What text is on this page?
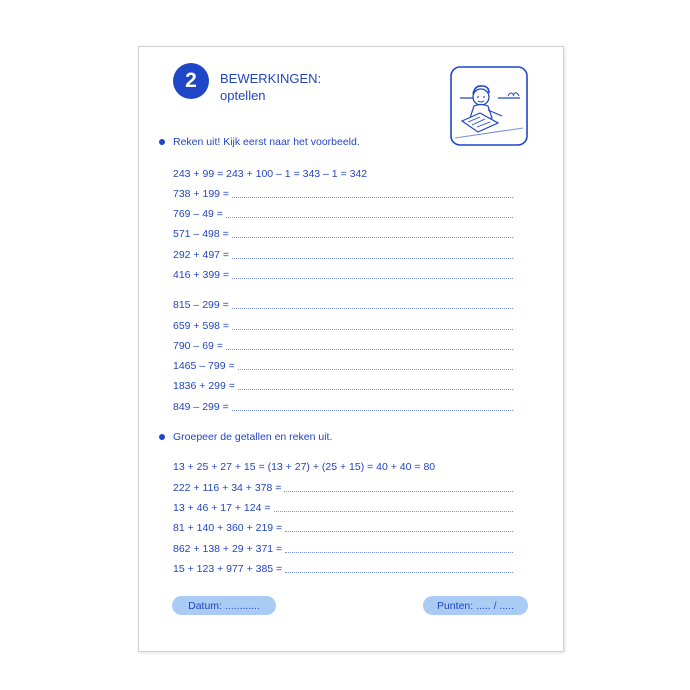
2 BEWERKINGEN:
optellen
Reken uit! Kijk eerst naar het voorbeeld.
243 + 99 = 243 + 100 – 1 = 343 – 1 = 342
738 + 199 =
769 – 49 =
571 – 498 =
292 + 497 =
416 + 399 =
815 – 299 =
659 + 598 =
790 – 69 =
1465 – 799 =
1836 + 299 =
849 – 299 =
Groepeer de getallen en reken uit.
13 + 25 + 27 + 15 = (13 + 27) + (25 + 15) = 40 + 40 = 80
222 + 116 + 34 + 378 =
13 + 46 + 17 + 124 =
81 + 140 + 360 + 219 =
862 + 138 + 29 + 371 =
15 + 123 + 977 + 385 =
Datum: ............	Punten: ..... / .....
